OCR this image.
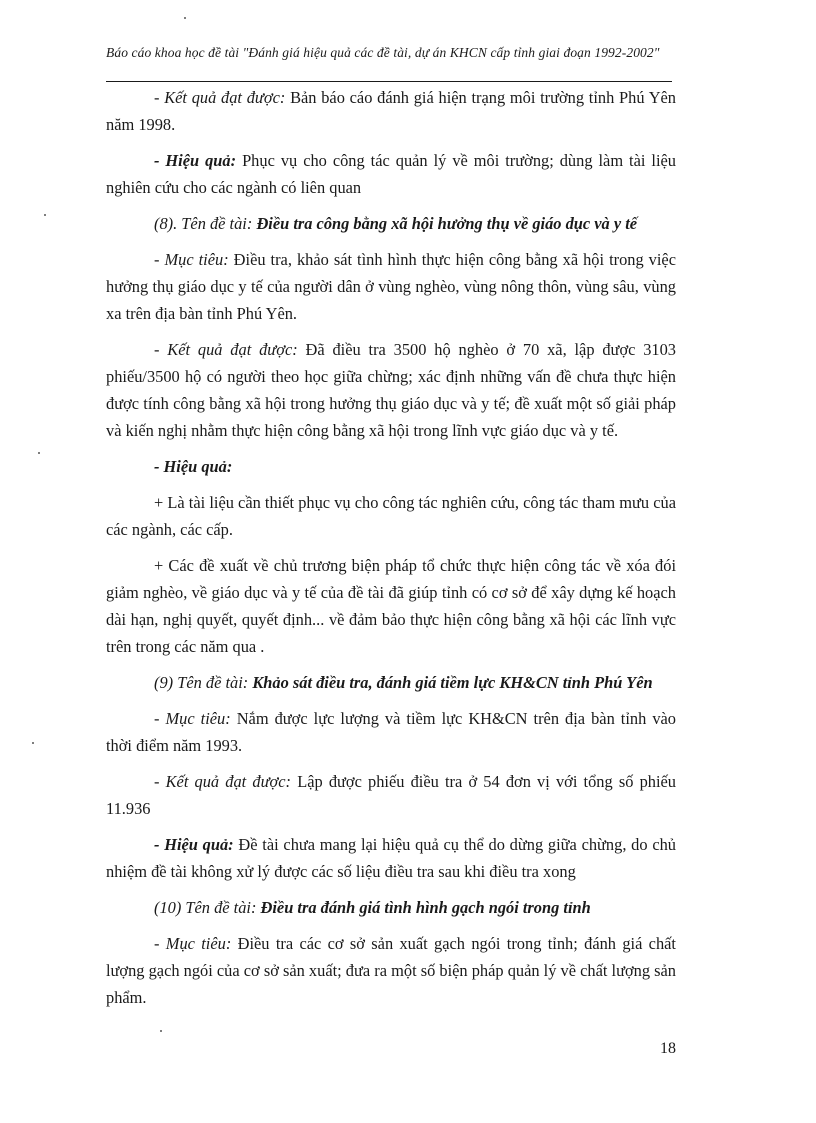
Báo cáo khoa học đề tài "Đánh giá hiệu quả các đề tài, dự án KHCN cấp tỉnh giai đoạn 1992-2002"

- Kết quả đạt được: Bản báo cáo đánh giá hiện trạng môi trường tỉnh Phú Yên năm 1998.

- Hiệu quả: Phục vụ cho công tác quản lý về môi trường; dùng làm tài liệu nghiên cứu cho các ngành có liên quan

(8). Tên đề tài: Điều tra công bằng xã hội hưởng thụ về giáo dục và y tế

- Mục tiêu: Điều tra, khảo sát tình hình thực hiện công bằng xã hội trong việc hưởng thụ giáo dục y tế của người dân ở vùng nghèo, vùng nông thôn, vùng sâu, vùng xa trên địa bàn tỉnh Phú Yên.

- Kết quả đạt được: Đã điều tra 3500 hộ nghèo ở 70 xã, lập được 3103 phiếu/3500 hộ có người theo học giữa chừng; xác định những vấn đề chưa thực hiện được tính công bằng xã hội trong hưởng thụ giáo dục và y tế; đề xuất một số giải pháp và kiến nghị nhằm thực hiện công bằng xã hội trong lĩnh vực giáo dục và y tế.

- Hiệu quả:

+ Là tài liệu cần thiết phục vụ cho công tác nghiên cứu, công tác tham mưu của các ngành, các cấp.

+ Các đề xuất về chủ trương biện pháp tổ chức thực hiện công tác về xóa đói giảm nghèo, về giáo dục và y tế của đề tài đã giúp tỉnh có cơ sở để xây dựng kế hoạch dài hạn, nghị quyết, quyết định... về đảm bảo thực hiện công bằng xã hội các lĩnh vực trên trong các năm qua .

(9) Tên đề tài: Khảo sát điều tra, đánh giá tiềm lực KH&CN tỉnh Phú Yên

- Mục tiêu: Nắm được lực lượng và tiềm lực KH&CN trên địa bàn tỉnh vào thời điểm năm 1993.

- Kết quả đạt được: Lập được phiếu điều tra ở 54 đơn vị với tổng số phiếu 11.936

- Hiệu quả: Đề tài chưa mang lại hiệu quả cụ thể do dừng giữa chừng, do chủ nhiệm đề tài không xử lý được các số liệu điều tra sau khi điều tra xong

(10) Tên đề tài: Điều tra đánh giá tình hình gạch ngói trong tỉnh

- Mục tiêu: Điều tra các cơ sở sản xuất gạch ngói trong tỉnh; đánh giá chất lượng gạch ngói của cơ sở sản xuất; đưa ra một số biện pháp quản lý về chất lượng sản phẩm.

18
